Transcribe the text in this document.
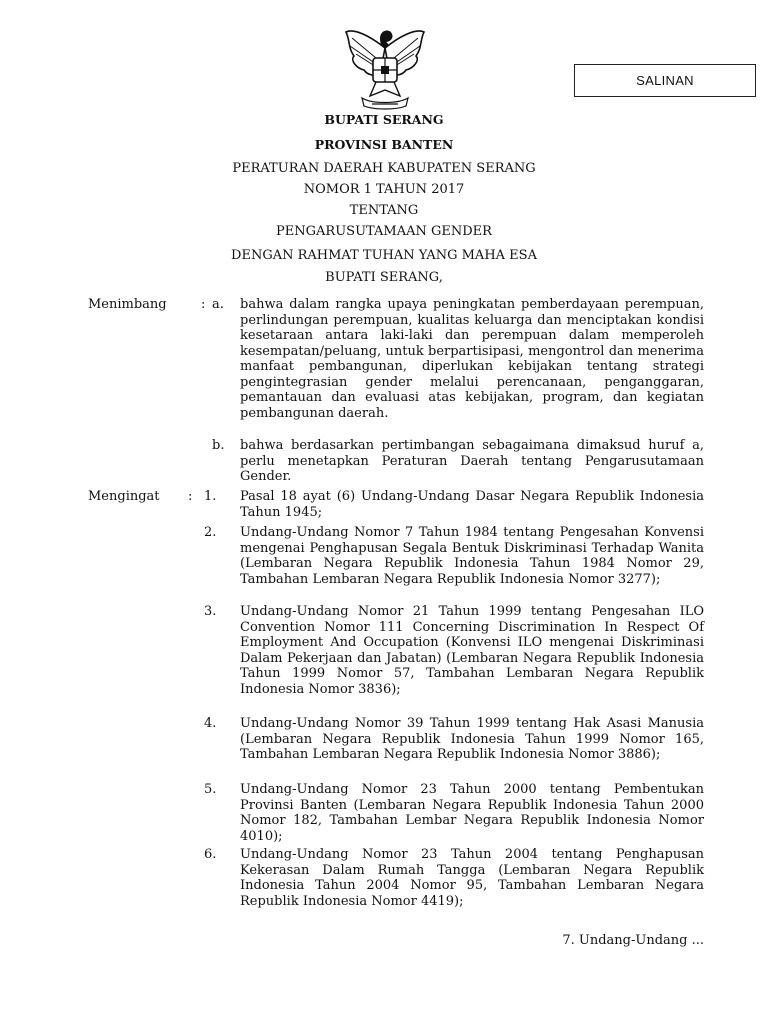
SALINAN
BUPATI SERANG
PROVINSI BANTEN
PERATURAN DAERAH KABUPATEN SERANG
NOMOR 1 TAHUN 2017
TENTANG
PENGARUSUTAMAAN GENDER
DENGAN RAHMAT TUHAN YANG MAHA ESA
BUPATI SERANG,
Menimbang	: a. bahwa dalam rangka upaya peningkatan pemberdayaan perempuan, perlindungan perempuan, kualitas keluarga dan menciptakan kondisi kesetaraan antara laki-laki dan perempuan dalam memperoleh kesempatan/peluang, untuk berpartisipasi, mengontrol dan menerima manfaat pembangunan, diperlukan kebijakan tentang strategi pengintegrasian gender melalui perencanaan, penganggaran, pemantauan dan evaluasi atas kebijakan, program, dan kegiatan pembangunan daerah.

b. bahwa berdasarkan pertimbangan sebagaimana dimaksud huruf a, perlu menetapkan Peraturan Daerah tentang Pengarusutamaan Gender.

Mengingat : 1. Pasal 18 ayat (6) Undang-Undang Dasar Negara Republik Indonesia Tahun 1945;

2. Undang-Undang Nomor 7 Tahun 1984 tentang Pengesahan Konvensi mengenai Penghapusan Segala Bentuk Diskriminasi Terhadap Wanita (Lembaran Negara Republik Indonesia Tahun 1984 Nomor 29, Tambahan Lembaran Negara Republik Indonesia Nomor 3277);

3. Undang-Undang Nomor 21 Tahun 1999 tentang Pengesahan ILO Convention Nomor 111 Concerning Discrimination In Respect Of Employment And Occupation (Konvensi ILO mengenai Diskriminasi Dalam Pekerjaan dan Jabatan) (Lembaran Negara Republik Indonesia Tahun 1999 Nomor 57, Tambahan Lembaran Negara Republik Indonesia Nomor 3836);

4. Undang-Undang Nomor 39 Tahun 1999 tentang Hak Asasi Manusia (Lembaran Negara Republik Indonesia Tahun 1999 Nomor 165, Tambahan Lembaran Negara Republik Indonesia Nomor 3886);

5. Undang-Undang Nomor 23 Tahun 2000 tentang Pembentukan Provinsi Banten (Lembaran Negara Republik Indonesia Tahun 2000 Nomor 182, Tambahan Lembar Negara Republik Indonesia Nomor 4010);

6. Undang-Undang Nomor 23 Tahun 2004 tentang Penghapusan Kekerasan Dalam Rumah Tangga (Lembaran Negara Republik Indonesia Tahun 2004 Nomor 95, Tambahan Lembaran Negara Republik Indonesia Nomor 4419);

7. Undang-Undang ...
